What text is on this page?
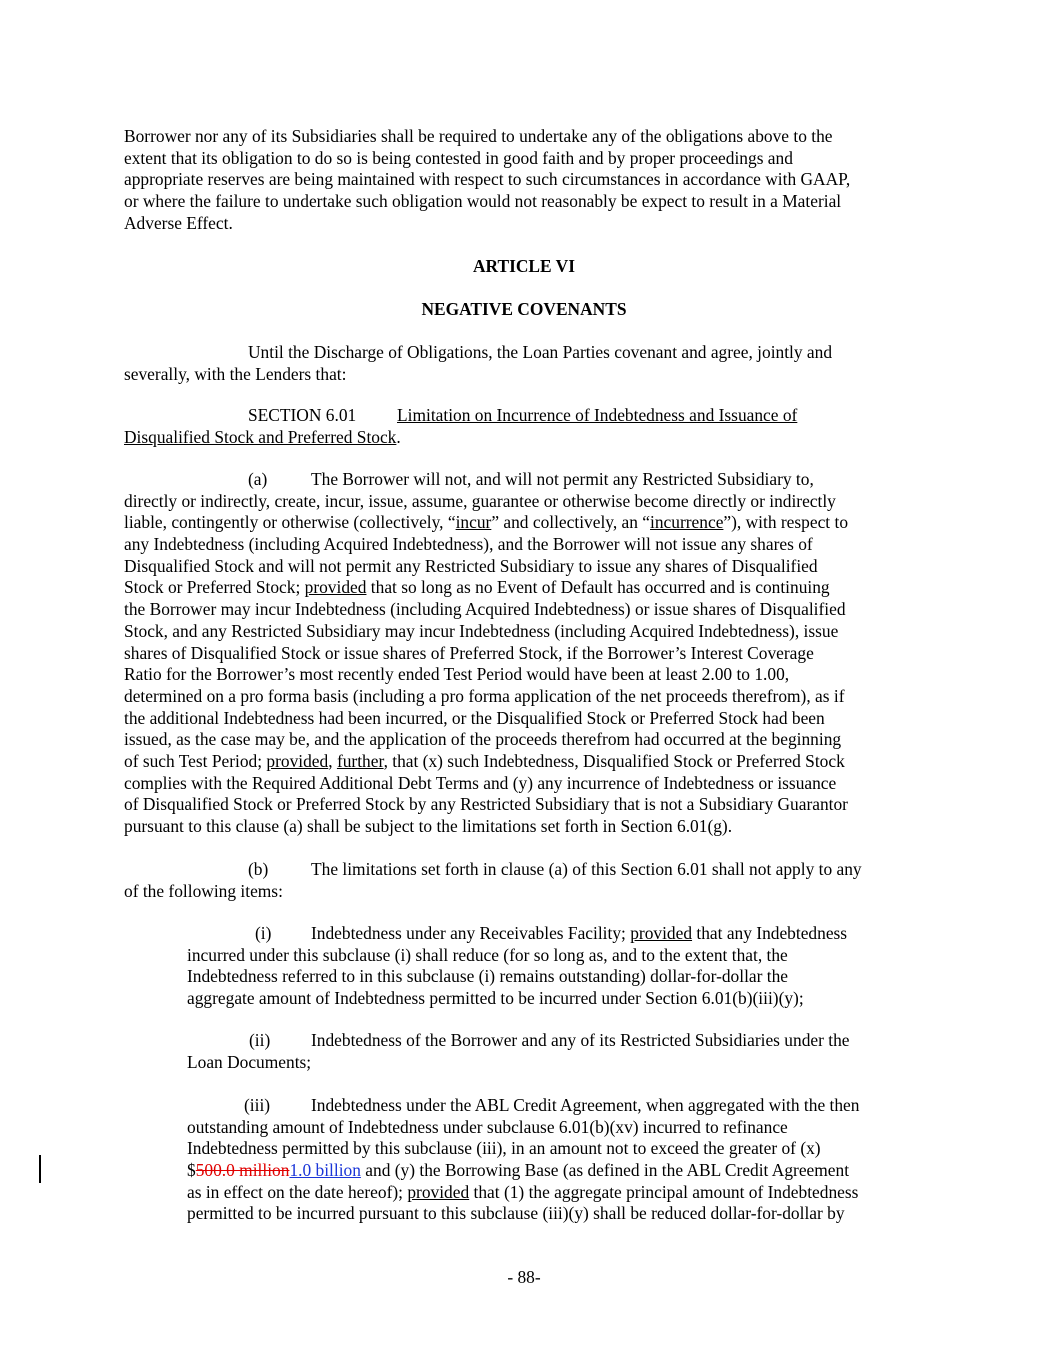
Borrower nor any of its Subsidiaries shall be required to undertake any of the obligations above to the
extent that its obligation to do so is being contested in good faith and by proper proceedings and
appropriate reserves are being maintained with respect to such circumstances in accordance with GAAP,
or where the failure to undertake such obligation would not reasonably be expect to result in a Material
Adverse Effect.
ARTICLE VI
NEGATIVE COVENANTS
Until the Discharge of Obligations, the Loan Parties covenant and agree, jointly and
severally, with the Lenders that:
SECTION 6.01 Limitation on Incurrence of Indebtedness and Issuance of
Disqualified Stock and Preferred Stock.
(a)	The Borrower will not, and will not permit any Restricted Subsidiary to,
directly or indirectly, create, incur, issue, assume, guarantee or otherwise become directly or indirectly
liable, contingently or otherwise (collectively, “incur” and collectively, an “incurrence”), with respect to
any Indebtedness (including Acquired Indebtedness), and the Borrower will not issue any shares of
Disqualified Stock and will not permit any Restricted Subsidiary to issue any shares of Disqualified
Stock or Preferred Stock; provided that so long as no Event of Default has occurred and is continuing
the Borrower may incur Indebtedness (including Acquired Indebtedness) or issue shares of Disqualified
Stock, and any Restricted Subsidiary may incur Indebtedness (including Acquired Indebtedness), issue
shares of Disqualified Stock or issue shares of Preferred Stock, if the Borrower’s Interest Coverage
Ratio for the Borrower’s most recently ended Test Period would have been at least 2.00 to 1.00,
determined on a pro forma basis (including a pro forma application of the net proceeds therefrom), as if
the additional Indebtedness had been incurred, or the Disqualified Stock or Preferred Stock had been
issued, as the case may be, and the application of the proceeds therefrom had occurred at the beginning
of such Test Period; provided, further, that (x) such Indebtedness, Disqualified Stock or Preferred Stock
complies with the Required Additional Debt Terms and (y) any incurrence of Indebtedness or issuance
of Disqualified Stock or Preferred Stock by any Restricted Subsidiary that is not a Subsidiary Guarantor
pursuant to this clause (a) shall be subject to the limitations set forth in Section 6.01(g).
(b) The limitations set forth in clause (a) of this Section 6.01 shall not apply to any
of the following items:
(i) Indebtedness under any Receivables Facility; provided that any Indebtedness
incurred under this subclause (i) shall reduce (for so long as, and to the extent that, the
Indebtedness referred to in this subclause (i) remains outstanding) dollar-for-dollar the
aggregate amount of Indebtedness permitted to be incurred under Section 6.01(b)(iii)(y);
(ii) Indebtedness of the Borrower and any of its Restricted Subsidiaries under the
Loan Documents;
(iii) Indebtedness under the ABL Credit Agreement, when aggregated with the then
outstanding amount of Indebtedness under subclause 6.01(b)(xv) incurred to refinance
Indebtedness permitted by this subclause (iii), in an amount not to exceed the greater of (x)
$500.0 million1.0 billion and (y) the Borrowing Base (as defined in the ABL Credit Agreement
as in effect on the date hereof); provided that (1) the aggregate principal amount of Indebtedness
permitted to be incurred pursuant to this subclause (iii)(y) shall be reduced dollar-for-dollar by
- 88-
